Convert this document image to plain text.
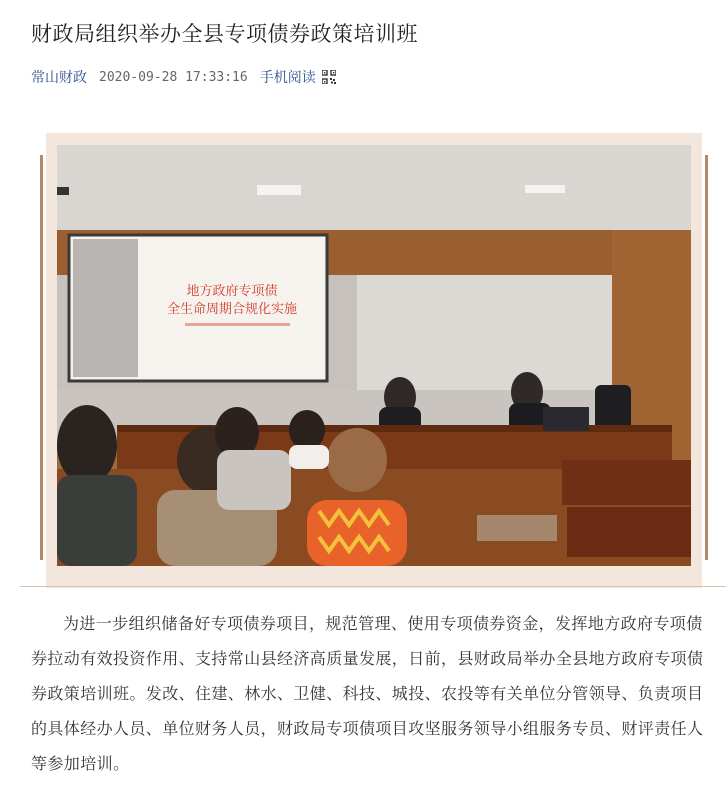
财政局组织举办全县专项债券政策培训班
常山财政 2020-09-28 17:33:16 手机阅读
地方政府专项债
全生命周期合规化实施

为进一步组织储备好专项债券项目，规范管理、使用专项债券资金，发挥地方政府专项债券拉动有效投资作用、支持常山县经济高质量发展，日前，县财政局举办全县地方政府专项债券政策培训班。发改、住建、林水、卫健、科技、城投、农投等有关单位分管领导、负责项目的具体经办人员、单位财务人员，财政局专项债项目攻坚服务领导小组服务专员、财评责任人等参加培训。
